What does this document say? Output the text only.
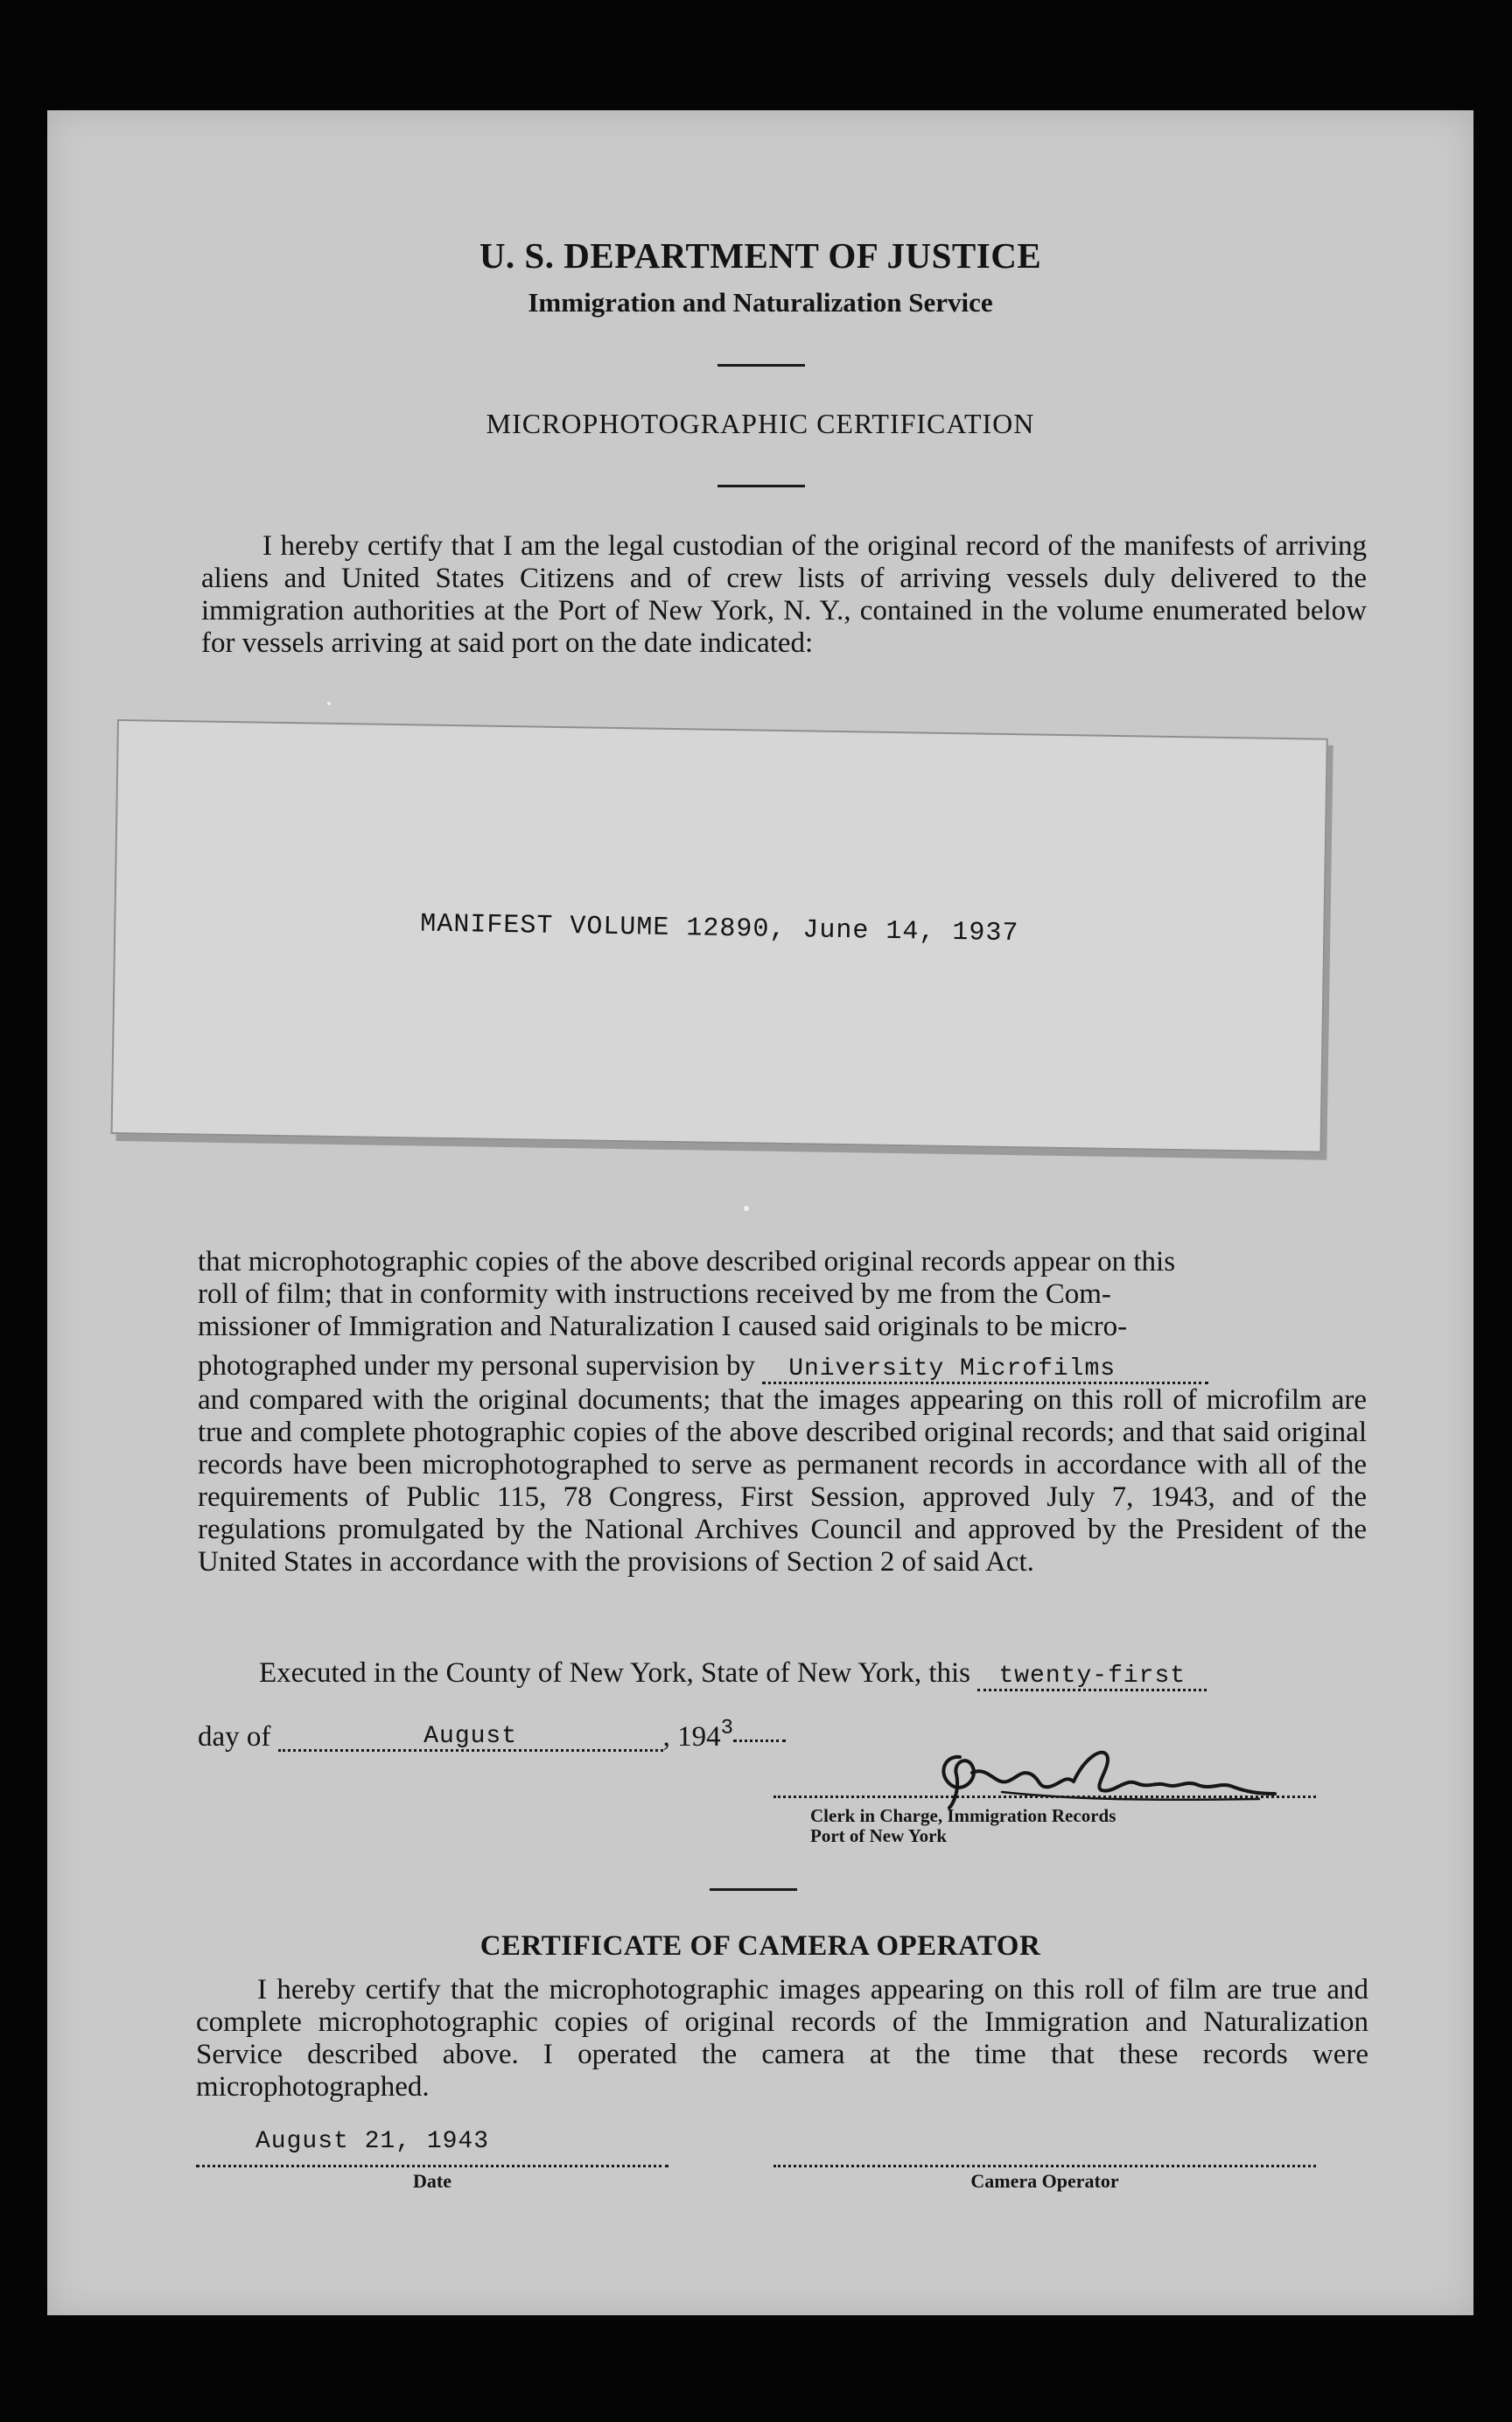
U. S. DEPARTMENT OF JUSTICE
Immigration and Naturalization Service
MICROPHOTOGRAPHIC CERTIFICATION
I hereby certify that I am the legal custodian of the original record of the manifests of arriving aliens and United States Citizens and of crew lists of arriving vessels duly delivered to the immigration authorities at the Port of New York, N. Y., contained in the volume enumerated below for vessels arriving at said port on the date indicated:
MANIFEST VOLUME 12890, June 14, 1937
that microphotographic copies of the above described original records appear on this
roll of film; that in conformity with instructions received by me from the Com-
missioner of Immigration and Naturalization I caused said originals to be micro-
photographed under my personal supervision by University Microfilms
and compared with the original documents; that the images appearing on this roll of microfilm are true and complete photographic copies of the above described original records; and that said original records have been microphotographed to serve as permanent records in accordance with all of the requirements of Public 115, 78 Congress, First Session, approved July 7, 1943, and of the regulations promulgated by the National Archives Council and approved by the President of the United States in accordance with the provisions of Section 2 of said Act.
Executed in the County of New York, State of New York, this twenty-first
day of	August	, $194^3$
Clerk in Charge, Immigration Records
Port of New York
CERTIFICATE OF CAMERA OPERATOR
I hereby certify that the microphotographic images appearing on this roll of film are true and complete microphotographic copies of original records of the Immigration and Naturalization Service described above. I operated the camera at the time that these records were microphotographed.
August 21, 1943
Date	Camera Operator
